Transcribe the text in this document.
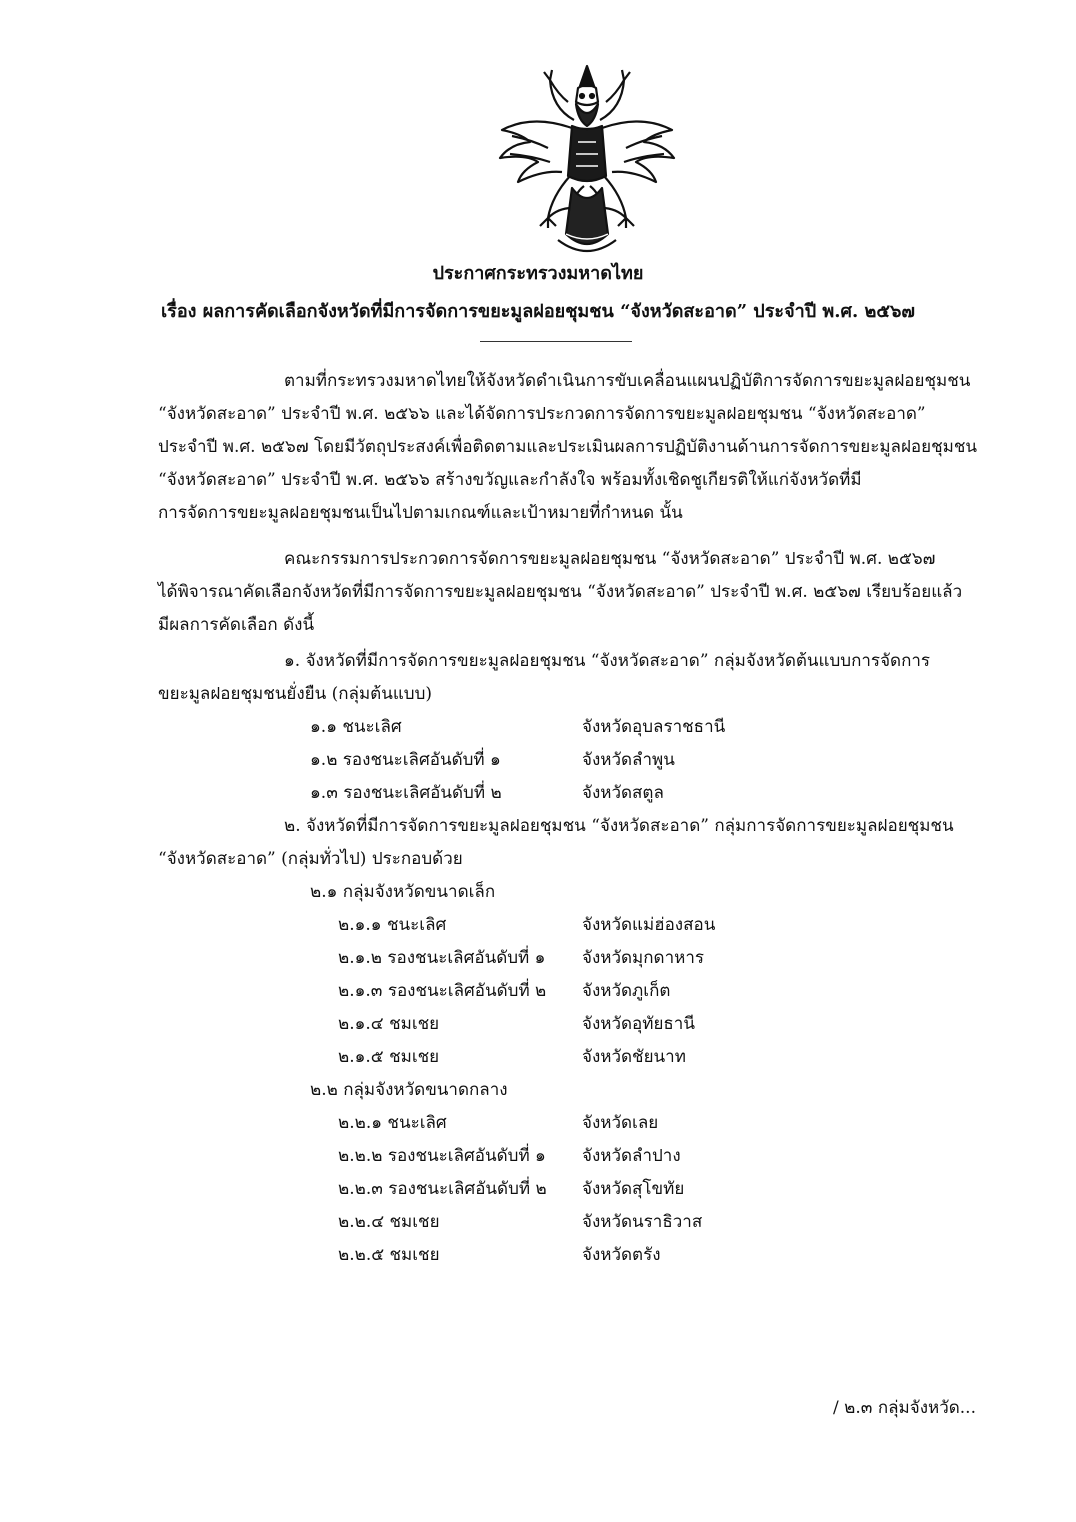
ประกาศกระทรวงมหาดไทย
เรื่อง ผลการคัดเลือกจังหวัดที่มีการจัดการขยะมูลฝอยชุมชน “จังหวัดสะอาด” ประจำปี พ.ศ. ๒๕๖๗
ตามที่กระทรวงมหาดไทยให้จังหวัดดำเนินการขับเคลื่อนแผนปฏิบัติการจัดการขยะมูลฝอยชุมชน
“จังหวัดสะอาด” ประจำปี พ.ศ. ๒๕๖๖ และได้จัดการประกวดการจัดการขยะมูลฝอยชุมชน “จังหวัดสะอาด”
ประจำปี พ.ศ. ๒๕๖๗ โดยมีวัตถุประสงค์เพื่อติดตามและประเมินผลการปฏิบัติงานด้านการจัดการขยะมูลฝอยชุมชน
“จังหวัดสะอาด” ประจำปี พ.ศ. ๒๕๖๖ สร้างขวัญและกำลังใจ พร้อมทั้งเชิดชูเกียรติให้แก่จังหวัดที่มี
การจัดการขยะมูลฝอยชุมชนเป็นไปตามเกณฑ์และเป้าหมายที่กำหนด นั้น
คณะกรรมการประกวดการจัดการขยะมูลฝอยชุมชน “จังหวัดสะอาด” ประจำปี พ.ศ. ๒๕๖๗
ได้พิจารณาคัดเลือกจังหวัดที่มีการจัดการขยะมูลฝอยชุมชน “จังหวัดสะอาด” ประจำปี พ.ศ. ๒๕๖๗ เรียบร้อยแล้ว
มีผลการคัดเลือก ดังนี้
๑. จังหวัดที่มีการจัดการขยะมูลฝอยชุมชน “จังหวัดสะอาด” กลุ่มจังหวัดต้นแบบการจัดการ
ขยะมูลฝอยชุมชนยั่งยืน (กลุ่มต้นแบบ)
๑.๑ ชนะเลิศ	จังหวัดอุบลราชธานี
๑.๒ รองชนะเลิศอันดับที่ ๑	จังหวัดลำพูน
๑.๓ รองชนะเลิศอันดับที่ ๒	จังหวัดสตูล
๒. จังหวัดที่มีการจัดการขยะมูลฝอยชุมชน “จังหวัดสะอาด” กลุ่มการจัดการขยะมูลฝอยชุมชน
“จังหวัดสะอาด” (กลุ่มทั่วไป) ประกอบด้วย
๒.๑ กลุ่มจังหวัดขนาดเล็ก
๒.๑.๑ ชนะเลิศ	จังหวัดแม่ฮ่องสอน
๒.๑.๒ รองชนะเลิศอันดับที่ ๑ จังหวัดมุกดาหาร
๒.๑.๓ รองชนะเลิศอันดับที่ ๒ จังหวัดภูเก็ต
๒.๑.๔ ชมเชย	จังหวัดอุทัยธานี
๒.๑.๕ ชมเชย	จังหวัดชัยนาท
๒.๒ กลุ่มจังหวัดขนาดกลาง
๒.๒.๑ ชนะเลิศ	จังหวัดเลย
๒.๒.๒ รองชนะเลิศอันดับที่ ๑ จังหวัดลำปาง
๒.๒.๓ รองชนะเลิศอันดับที่ ๒ จังหวัดสุโขทัย
๒.๒.๔ ชมเชย	จังหวัดนราธิวาส
๒.๒.๕ ชมเชย	จังหวัดตรัง
/ ๒.๓ กลุ่มจังหวัด...
